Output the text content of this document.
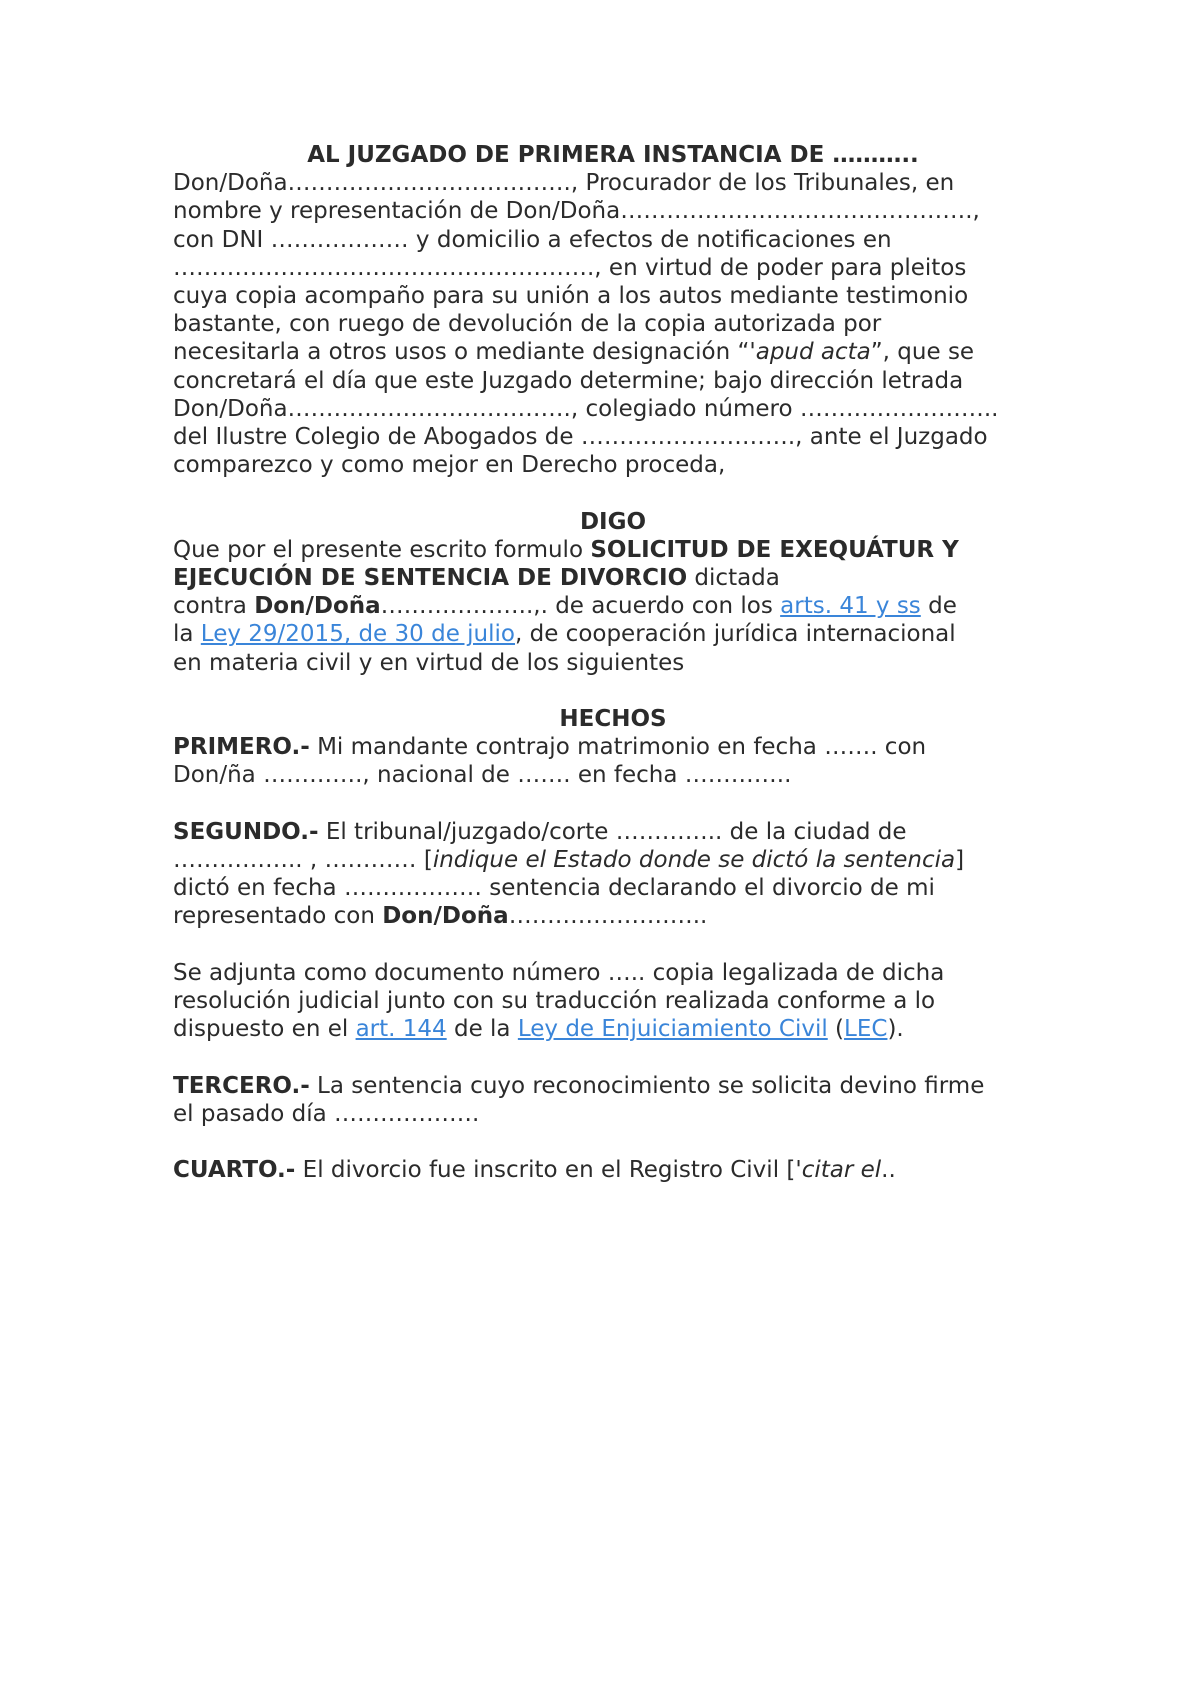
AL JUZGADO DE PRIMERA INSTANCIA DE ………..
Don/Doña………………………………., Procurador de los Tribunales, en
nombre y representación de Don/Doña……………………………………….,
con DNI ……………… y domicilio a efectos de notificaciones en
………………………………………………., en virtud de poder para pleitos
cuya copia acompaño para su unión a los autos mediante testimonio
bastante, con ruego de devolución de la copia autorizada por
necesitarla a otros usos o mediante designación “'apud acta”, que se
concretará el día que este Juzgado determine; bajo dirección letrada
Don/Doña………………………………., colegiado número ……………………..
del Ilustre Colegio de Abogados de ………………………., ante el Juzgado
comparezco y como mejor en Derecho proceda,
DIGO
Que por el presente escrito formulo SOLICITUD DE EXEQUÁTUR Y
EJECUCIÓN DE SENTENCIA DE DIVORCIO dictada
contra Don/Doña………………..,. de acuerdo con los arts. 41 y ss de
la Ley 29/2015, de 30 de julio, de cooperación jurídica internacional
en materia civil y en virtud de los siguientes
HECHOS
PRIMERO.- Mi mandante contrajo matrimonio en fecha ……. con
Don/ña …………., nacional de ……. en fecha …………..
SEGUNDO.- El tribunal/juzgado/corte ………….. de la ciudad de
…………….. , ………… [indique el Estado donde se dictó la sentencia]
dictó en fecha ……………… sentencia declarando el divorcio de mi
representado con Don/Doña……………………..
Se adjunta como documento número ….. copia legalizada de dicha
resolución judicial junto con su traducción realizada conforme a lo
dispuesto en el art. 144 de la Ley de Enjuiciamiento Civil (LEC).
TERCERO.- La sentencia cuyo reconocimiento se solicita devino firme
el pasado día ……………….
CUARTO.- El divorcio fue inscrito en el Registro Civil ['citar el..
